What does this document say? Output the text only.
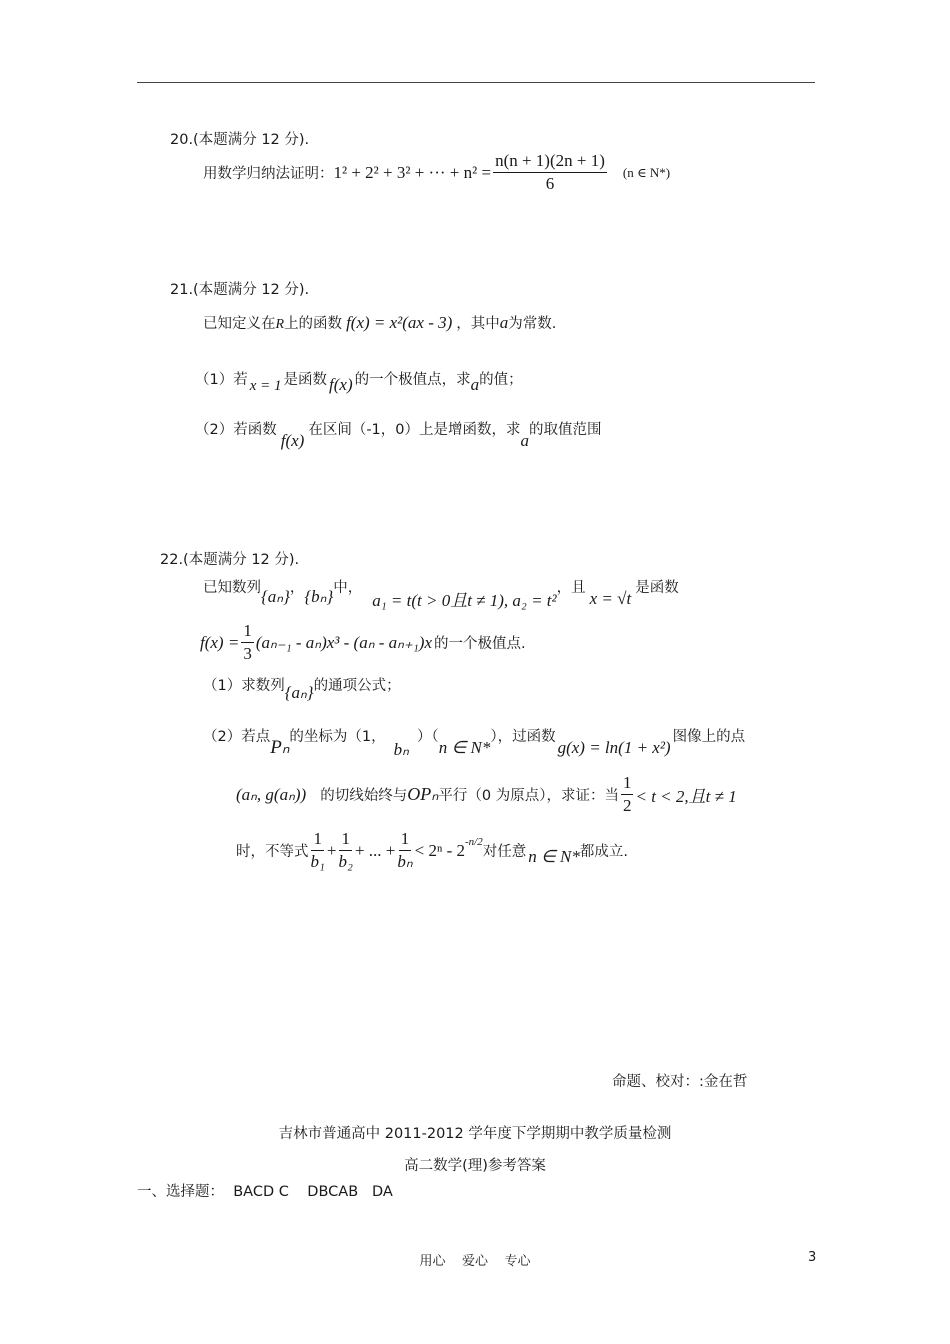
20.(本题满分 12 分).
用数学归纳法证明： 1² + 2² + 3² + ··· + $n^2 = \frac{n(n + 1)(2n + 1)}{6} (n$ ∈ N*)
21.(本题满分 12 分).
已知定义在 R 上的函数 f(x) = x²(ax - 3) ，其中 a 为常数.
（1）若 x = 1 是函数 f(x) 的一个极值点，求 a 的值；
（2）若函数
f(x)
在区间（-1，0）上是增函数，求
a
的取值范围
22.(本题满分 12 分).
已知数列 {aₙ} ， {bₙ} 中，
a₁ = t(t > 0且t ≠ 1), a₂ = t²
，且
x = √t
是函数
$f(x) = \frac{1}{3} (a_{n-1} - a_n)x^3 - (a_n - a_{n+1})x$ 的一个极值点.
（1）求数列 {aₙ} 的通项公式；
（2）若点 Pₙ 的坐标为（1，
bₙ
）（
n ∈ N*
），过函数
g(x) = ln(1 + x²)
图像上的点
(aₙ, g(aₙ)) 的切线始终与 OPₙ 平行（0 为原点），求证：当 $\frac{1}{2} < t < 2$,且t ≠ 1
时，不等式 $\frac{1}{\text{b₁}} + \frac{1}{\text{b₂}}$ + ... + $\frac{1}{\text{bₙ}} < 2^n - 2$ -n/2
对任意 n ∈ N* 都成立.
命题、校对：:金在哲
吉林市普通高中 2011-2012 学年度下学期期中教学质量检测
高二数学(理)参考答案
一、选择题：  BACD C    DBCAB   DA
用心    爱心    专心	3
